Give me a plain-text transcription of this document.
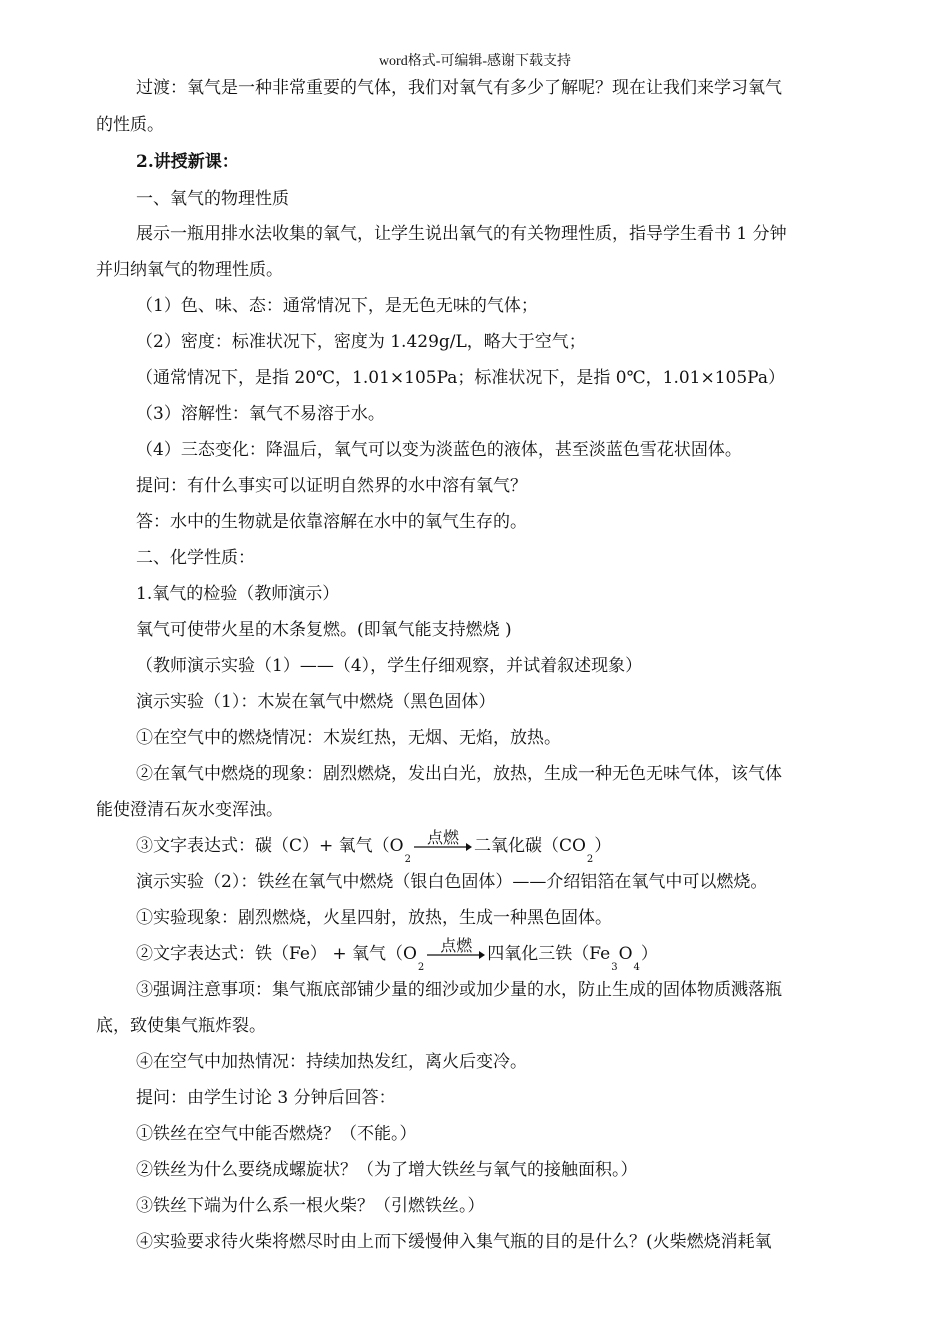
word格式-可编辑-感谢下载支持
过渡：氧气是一种非常重要的气体，我们对氧气有多少了解呢？现在让我们来学习氧气
的性质。
2.讲授新课：
一、氧气的物理性质
展示一瓶用排水法收集的氧气，让学生说出氧气的有关物理性质，指导学生看书 1 分钟
并归纳氧气的物理性质。
（1）色、味、态：通常情况下，是无色无味的气体；
（2）密度：标准状况下，密度为 1.429g/L，略大于空气；
（通常情况下，是指 20℃，1.01×105Pa；标准状况下，是指 0℃，1.01×105Pa）
（3）溶解性：氧气不易溶于水。
（4）三态变化：降温后，氧气可以变为淡蓝色的液体，甚至淡蓝色雪花状固体。
提问：有什么事实可以证明自然界的水中溶有氧气？
答：水中的生物就是依靠溶解在水中的氧气生存的。
二、化学性质：
1.氧气的检验（教师演示）
氧气可使带火星的木条复燃。(即氧气能支持燃烧 )
（教师演示实验（1）——（4），学生仔细观察，并试着叙述现象）
演示实验（1）：木炭在氧气中燃烧（黑色固体）
①在空气中的燃烧情况：木炭红热，无烟、无焰，放热。
②在氧气中燃烧的现象：剧烈燃烧，发出白光，放热，生成一种无色无味气体，该气体
能使澄清石灰水变浑浊。
③文字表达式：碳（C）+ 氧气（O2
点燃 二氧化碳（CO2）
演示实验（2）：铁丝在氧气中燃烧（银白色固体）——介绍铝箔在氧气中可以燃烧。
①实验现象：剧烈燃烧，火星四射，放热，生成一种黑色固体。
②文字表达式：铁（Fe） + 氧气（O2
点燃 四氧化三铁（Fe3O4）
③强调注意事项：集气瓶底部铺少量的细沙或加少量的水，防止生成的固体物质溅落瓶
底，致使集气瓶炸裂。
④在空气中加热情况：持续加热发红，离火后变冷。
提问：由学生讨论 3 分钟后回答：
①铁丝在空气中能否燃烧？（不能。）
②铁丝为什么要绕成螺旋状？（为了增大铁丝与氧气的接触面积。）
③铁丝下端为什么系一根火柴？（引燃铁丝。）
④实验要求待火柴将燃尽时由上而下缓慢伸入集气瓶的目的是什么？(火柴燃烧消耗氧
